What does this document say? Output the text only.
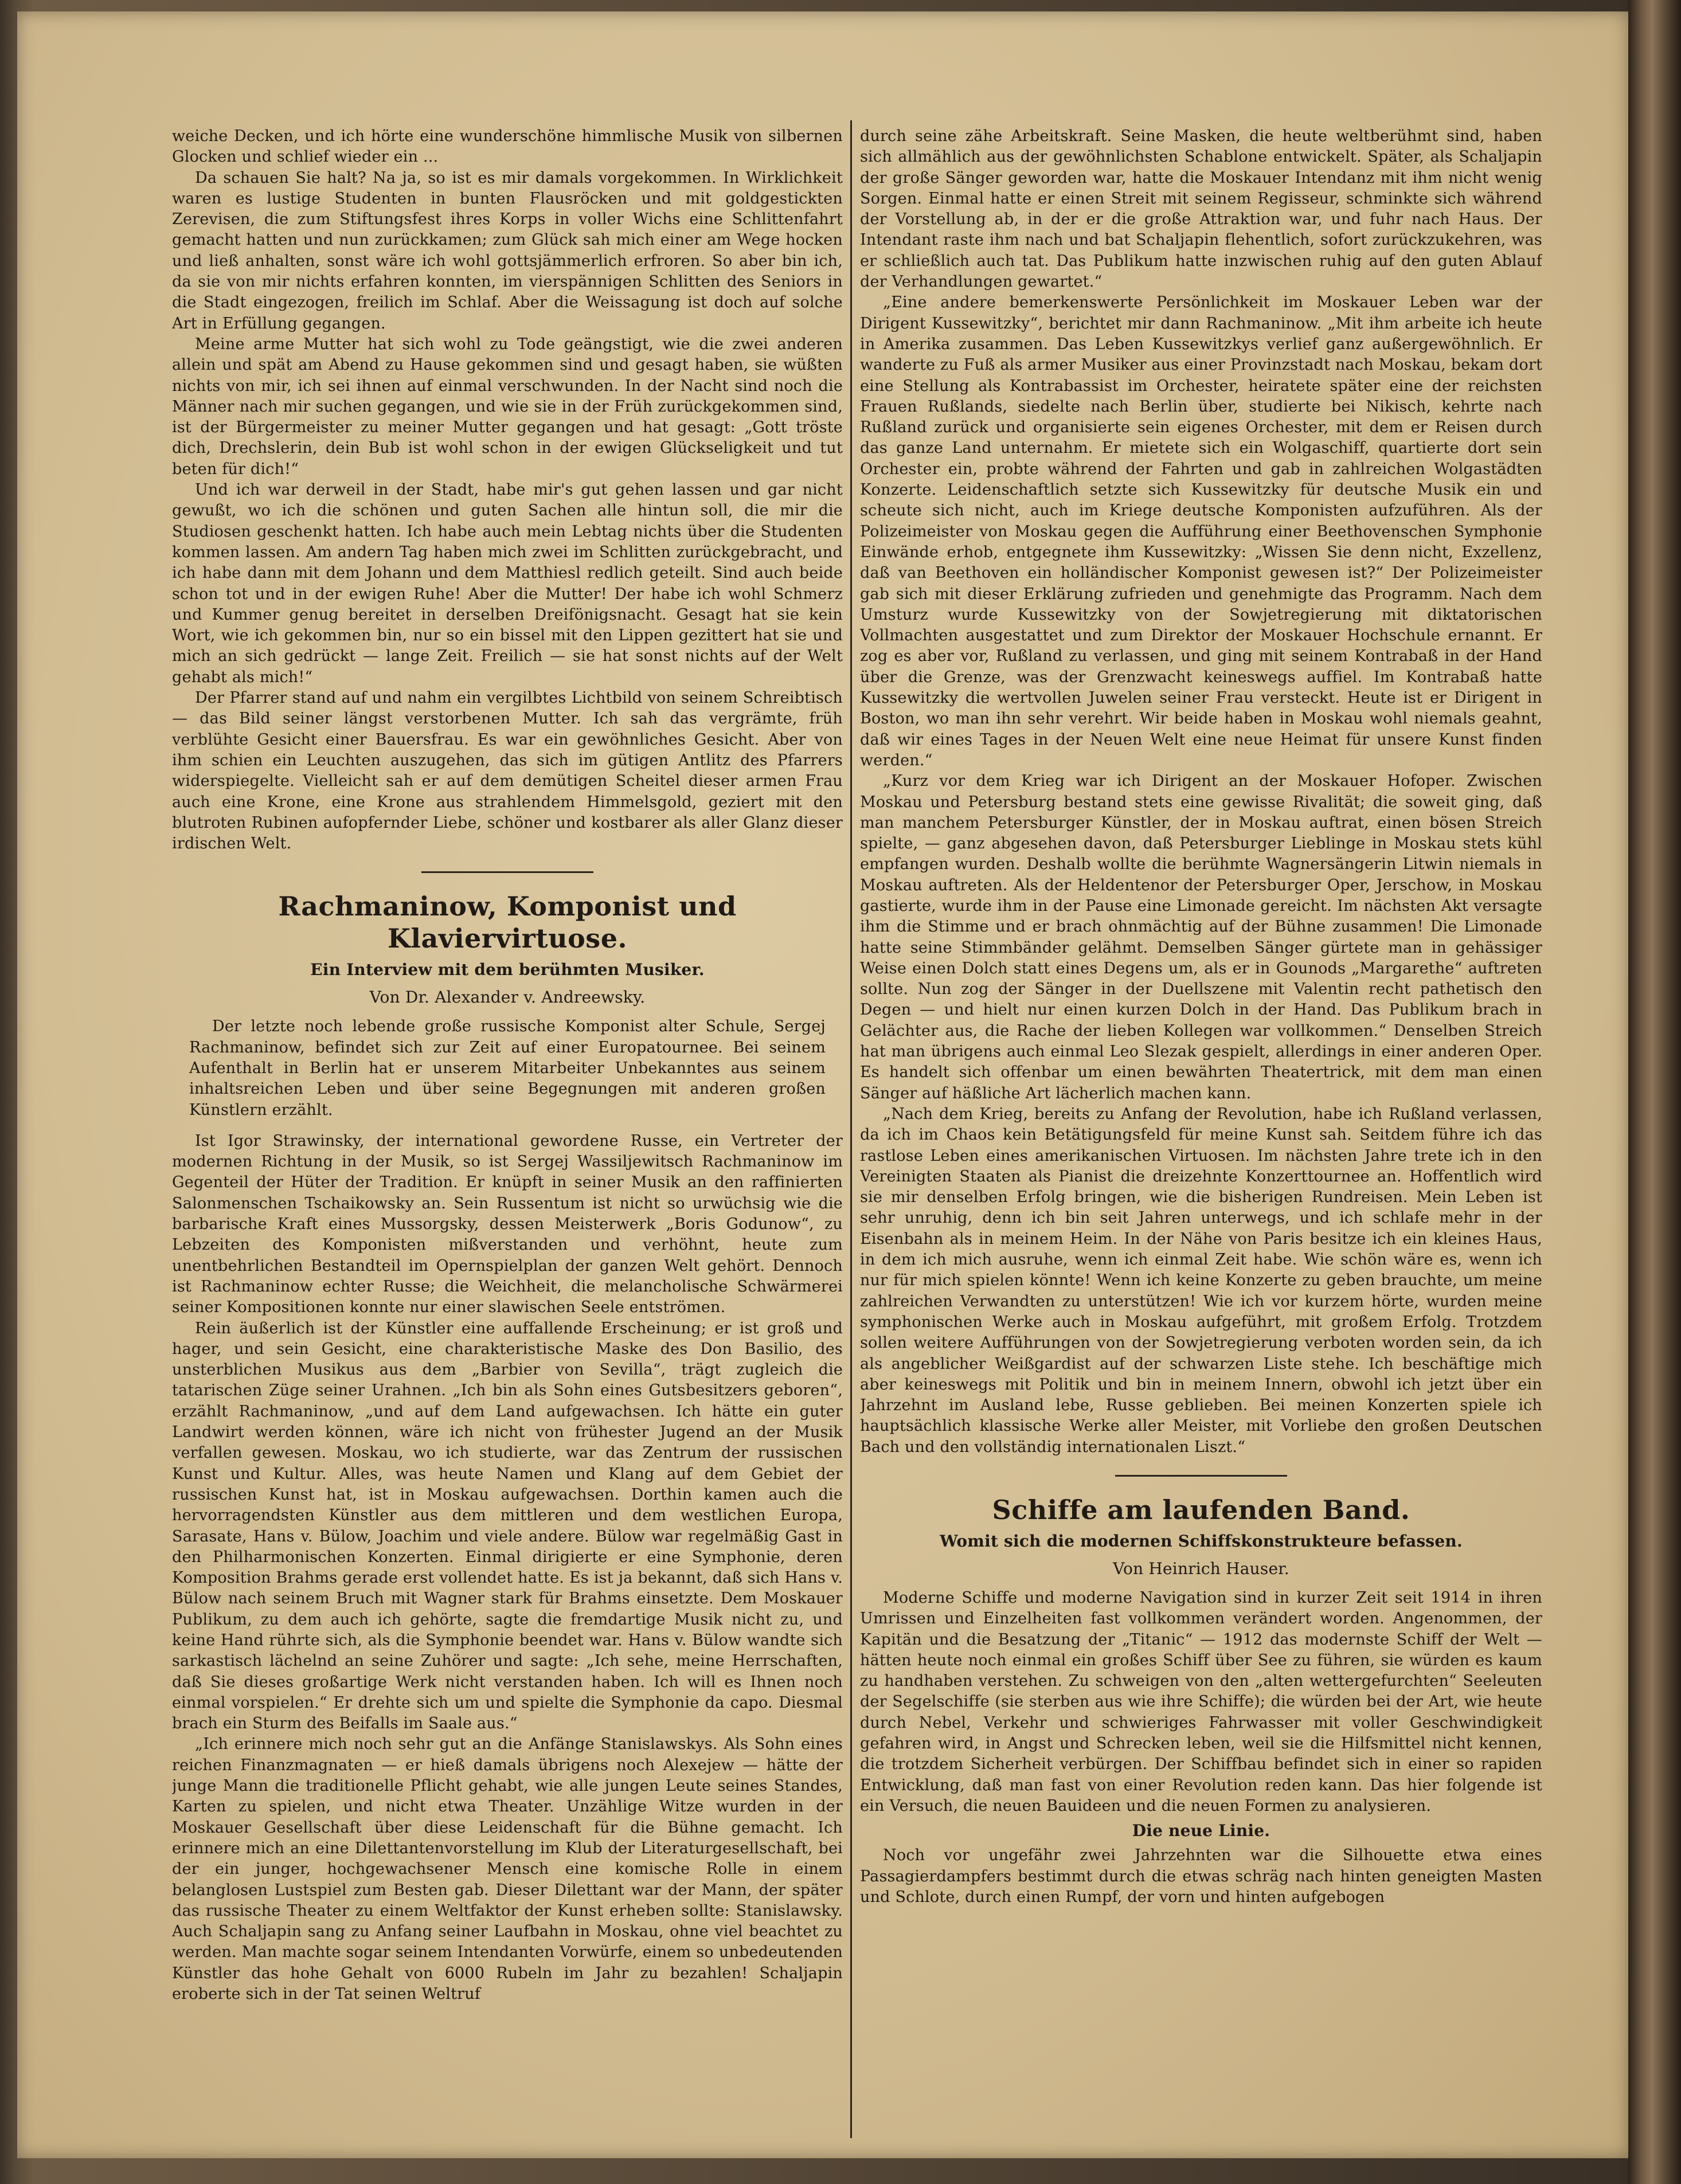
weiche Decken, und ich hörte eine wunderschöne himmlische Musik von silbernen Glocken und schlief wieder ein ...

Da schauen Sie halt? Na ja, so ist es mir damals vorgekommen. In Wirklichkeit waren es lustige Studenten in bunten Flausröcken und mit goldgestickten Zerevisen, die zum Stiftungsfest ihres Korps in voller Wichs eine Schlittenfahrt gemacht hatten und nun zurückkamen; zum Glück sah mich einer am Wege hocken und ließ anhalten, sonst wäre ich wohl gottsjämmerlich erfroren. So aber bin ich, da sie von mir nichts erfahren konnten, im vierspännigen Schlitten des Seniors in die Stadt eingezogen, freilich im Schlaf. Aber die Weissagung ist doch auf solche Art in Erfüllung gegangen.

Meine arme Mutter hat sich wohl zu Tode geängstigt, wie die zwei anderen allein und spät am Abend zu Hause gekommen sind und gesagt haben, sie wüßten nichts von mir, ich sei ihnen auf einmal verschwunden. In der Nacht sind noch die Männer nach mir suchen gegangen, und wie sie in der Früh zurückgekommen sind, ist der Bürgermeister zu meiner Mutter gegangen und hat gesagt: „Gott tröste dich, Drechslerin, dein Bub ist wohl schon in der ewigen Glückseligkeit und tut beten für dich!“

Und ich war derweil in der Stadt, habe mir's gut gehen lassen und gar nicht gewußt, wo ich die schönen und guten Sachen alle hintun soll, die mir die Studiosen geschenkt hatten. Ich habe auch mein Lebtag nichts über die Studenten kommen lassen. Am andern Tag haben mich zwei im Schlitten zurückgebracht, und ich habe dann mit dem Johann und dem Matthiesl redlich geteilt. Sind auch beide schon tot und in der ewigen Ruhe! Aber die Mutter! Der habe ich wohl Schmerz und Kummer genug bereitet in derselben Dreifönigsnacht. Gesagt hat sie kein Wort, wie ich gekommen bin, nur so ein bissel mit den Lippen gezittert hat sie und mich an sich gedrückt — lange Zeit. Freilich — sie hat sonst nichts auf der Welt gehabt als mich!“

Der Pfarrer stand auf und nahm ein vergilbtes Lichtbild von seinem Schreibtisch — das Bild seiner längst verstorbenen Mutter. Ich sah das vergrämte, früh verblühte Gesicht einer Bauersfrau. Es war ein gewöhnliches Gesicht. Aber von ihm schien ein Leuchten auszugehen, das sich im gütigen Antlitz des Pfarrers widerspiegelte. Vielleicht sah er auf dem demütigen Scheitel dieser armen Frau auch eine Krone, eine Krone aus strahlendem Himmelsgold, geziert mit den blutroten Rubinen aufopfernder Liebe, schöner und kostbarer als aller Glanz dieser irdischen Welt.

Rachmaninow, Komponist und Klaviervirtuose.
Ein Interview mit dem berühmten Musiker.
Von Dr. Alexander v. Andreewsky.

Der letzte noch lebende große russische Komponist alter Schule, Sergej Rachmaninow, befindet sich zur Zeit auf einer Europatournee. Bei seinem Aufenthalt in Berlin hat er unserem Mitarbeiter Unbekanntes aus seinem inhaltsreichen Leben und über seine Begegnungen mit anderen großen Künstlern erzählt.

Ist Igor Strawinsky, der international gewordene Russe, ein Vertreter der modernen Richtung in der Musik, so ist Sergej Wassiljewitsch Rachmaninow im Gegenteil der Hüter der Tradition. Er knüpft in seiner Musik an den raffinierten Salonmenschen Tschaikowsky an. Sein Russentum ist nicht so urwüchsig wie die barbarische Kraft eines Mussorgsky, dessen Meisterwerk „Boris Godunow“, zu Lebzeiten des Komponisten mißverstanden und verhöhnt, heute zum unentbehrlichen Bestandteil im Opernspielplan der ganzen Welt gehört. Dennoch ist Rachmaninow echter Russe; die Weichheit, die melancholische Schwärmerei seiner Kompositionen konnte nur einer slawischen Seele entströmen.

Rein äußerlich ist der Künstler eine auffallende Erscheinung; er ist groß und hager, und sein Gesicht, eine charakteristische Maske des Don Basilio, des unsterblichen Musikus aus dem „Barbier von Sevilla“, trägt zugleich die tatarischen Züge seiner Urahnen. „Ich bin als Sohn eines Gutsbesitzers geboren“, erzählt Rachmaninow, „und auf dem Land aufgewachsen. Ich hätte ein guter Landwirt werden können, wäre ich nicht von frühester Jugend an der Musik verfallen gewesen. Moskau, wo ich studierte, war das Zentrum der russischen Kunst und Kultur. Alles, was heute Namen und Klang auf dem Gebiet der russischen Kunst hat, ist in Moskau aufgewachsen. Dorthin kamen auch die hervorragendsten Künstler aus dem mittleren und dem westlichen Europa, Sarasate, Hans v. Bülow, Joachim und viele andere. Bülow war regelmäßig Gast in den Philharmonischen Konzerten. Einmal dirigierte er eine Symphonie, deren Komposition Brahms gerade erst vollendet hatte. Es ist ja bekannt, daß sich Hans v. Bülow nach seinem Bruch mit Wagner stark für Brahms einsetzte. Dem Moskauer Publikum, zu dem auch ich gehörte, sagte die fremdartige Musik nicht zu, und keine Hand rührte sich, als die Symphonie beendet war. Hans v. Bülow wandte sich sarkastisch lächelnd an seine Zuhörer und sagte: „Ich sehe, meine Herrschaften, daß Sie dieses großartige Werk nicht verstanden haben. Ich will es Ihnen noch einmal vorspielen.“ Er drehte sich um und spielte die Symphonie da capo. Diesmal brach ein Sturm des Beifalls im Saale aus.“

„Ich erinnere mich noch sehr gut an die Anfänge Stanislawskys. Als Sohn eines reichen Finanzmagnaten — er hieß damals übrigens noch Alexejew — hätte der junge Mann die traditionelle Pflicht gehabt, wie alle jungen Leute seines Standes, Karten zu spielen, und nicht etwa Theater. Unzählige Witze wurden in der Moskauer Gesellschaft über diese Leidenschaft für die Bühne gemacht. Ich erinnere mich an eine Dilettantenvorstellung im Klub der Literaturgesellschaft, bei der ein junger, hochgewachsener Mensch eine komische Rolle in einem belanglosen Lustspiel zum Besten gab. Dieser Dilettant war der Mann, der später das russische Theater zu einem Weltfaktor der Kunst erheben sollte: Stanislawsky. Auch Schaljapin sang zu Anfang seiner Laufbahn in Moskau, ohne viel beachtet zu werden. Man machte sogar seinem Intendanten Vorwürfe, einem so unbedeutenden Künstler das hohe Gehalt von 6000 Rubeln im Jahr zu bezahlen! Schaljapin eroberte sich in der Tat seinen Weltruf

durch seine zähe Arbeitskraft. Seine Masken, die heute weltberühmt sind, haben sich allmählich aus der gewöhnlichsten Schablone entwickelt. Später, als Schaljapin der große Sänger geworden war, hatte die Moskauer Intendanz mit ihm nicht wenig Sorgen. Einmal hatte er einen Streit mit seinem Regisseur, schminkte sich während der Vorstellung ab, in der er die große Attraktion war, und fuhr nach Haus. Der Intendant raste ihm nach und bat Schaljapin flehentlich, sofort zurückzukehren, was er schließlich auch tat. Das Publikum hatte inzwischen ruhig auf den guten Ablauf der Verhandlungen gewartet.“

„Eine andere bemerkenswerte Persönlichkeit im Moskauer Leben war der Dirigent Kussewitzky“, berichtet mir dann Rachmaninow. „Mit ihm arbeite ich heute in Amerika zusammen. Das Leben Kussewitzkys verlief ganz außergewöhnlich. Er wanderte zu Fuß als armer Musiker aus einer Provinzstadt nach Moskau, bekam dort eine Stellung als Kontrabassist im Orchester, heiratete später eine der reichsten Frauen Rußlands, siedelte nach Berlin über, studierte bei Nikisch, kehrte nach Rußland zurück und organisierte sein eigenes Orchester, mit dem er Reisen durch das ganze Land unternahm. Er mietete sich ein Wolgaschiff, quartierte dort sein Orchester ein, probte während der Fahrten und gab in zahlreichen Wolgastädten Konzerte. Leidenschaftlich setzte sich Kussewitzky für deutsche Musik ein und scheute sich nicht, auch im Kriege deutsche Komponisten aufzuführen. Als der Polizeimeister von Moskau gegen die Aufführung einer Beethovenschen Symphonie Einwände erhob, entgegnete ihm Kussewitzky: „Wissen Sie denn nicht, Exzellenz, daß van Beethoven ein holländischer Komponist gewesen ist?“ Der Polizeimeister gab sich mit dieser Erklärung zufrieden und genehmigte das Programm. Nach dem Umsturz wurde Kussewitzky von der Sowjetregierung mit diktatorischen Vollmachten ausgestattet und zum Direktor der Moskauer Hochschule ernannt. Er zog es aber vor, Rußland zu verlassen, und ging mit seinem Kontrabaß in der Hand über die Grenze, was der Grenzwacht keineswegs auffiel. Im Kontrabaß hatte Kussewitzky die wertvollen Juwelen seiner Frau versteckt. Heute ist er Dirigent in Boston, wo man ihn sehr verehrt. Wir beide haben in Moskau wohl niemals geahnt, daß wir eines Tages in der Neuen Welt eine neue Heimat für unsere Kunst finden werden.“

„Kurz vor dem Krieg war ich Dirigent an der Moskauer Hofoper. Zwischen Moskau und Petersburg bestand stets eine gewisse Rivalität; die soweit ging, daß man manchem Petersburger Künstler, der in Moskau auftrat, einen bösen Streich spielte, — ganz abgesehen davon, daß Petersburger Lieblinge in Moskau stets kühl empfangen wurden. Deshalb wollte die berühmte Wagnersängerin Litwin niemals in Moskau auftreten. Als der Heldentenor der Petersburger Oper, Jerschow, in Moskau gastierte, wurde ihm in der Pause eine Limonade gereicht. Im nächsten Akt versagte ihm die Stimme und er brach ohnmächtig auf der Bühne zusammen! Die Limonade hatte seine Stimmbänder gelähmt. Demselben Sänger gürtete man in gehässiger Weise einen Dolch statt eines Degens um, als er in Gounods „Margarethe“ auftreten sollte. Nun zog der Sänger in der Duellszene mit Valentin recht pathetisch den Degen — und hielt nur einen kurzen Dolch in der Hand. Das Publikum brach in Gelächter aus, die Rache der lieben Kollegen war vollkommen.“ Denselben Streich hat man übrigens auch einmal Leo Slezak gespielt, allerdings in einer anderen Oper. Es handelt sich offenbar um einen bewährten Theatertrick, mit dem man einen Sänger auf häßliche Art lächerlich machen kann.

„Nach dem Krieg, bereits zu Anfang der Revolution, habe ich Rußland verlassen, da ich im Chaos kein Betätigungsfeld für meine Kunst sah. Seitdem führe ich das rastlose Leben eines amerikanischen Virtuosen. Im nächsten Jahre trete ich in den Vereinigten Staaten als Pianist die dreizehnte Konzerttournee an. Hoffentlich wird sie mir denselben Erfolg bringen, wie die bisherigen Rundreisen. Mein Leben ist sehr unruhig, denn ich bin seit Jahren unterwegs, und ich schlafe mehr in der Eisenbahn als in meinem Heim. In der Nähe von Paris besitze ich ein kleines Haus, in dem ich mich ausruhe, wenn ich einmal Zeit habe. Wie schön wäre es, wenn ich nur für mich spielen könnte! Wenn ich keine Konzerte zu geben brauchte, um meine zahlreichen Verwandten zu unterstützen! Wie ich vor kurzem hörte, wurden meine symphonischen Werke auch in Moskau aufgeführt, mit großem Erfolg. Trotzdem sollen weitere Aufführungen von der Sowjetregierung verboten worden sein, da ich als angeblicher Weißgardist auf der schwarzen Liste stehe. Ich beschäftige mich aber keineswegs mit Politik und bin in meinem Innern, obwohl ich jetzt über ein Jahrzehnt im Ausland lebe, Russe geblieben. Bei meinen Konzerten spiele ich hauptsächlich klassische Werke aller Meister, mit Vorliebe den großen Deutschen Bach und den vollständig internationalen Liszt.“

Schiffe am laufenden Band.
Womit sich die modernen Schiffskonstrukteure befassen.
Von Heinrich Hauser.

Moderne Schiffe und moderne Navigation sind in kurzer Zeit seit 1914 in ihren Umrissen und Einzelheiten fast vollkommen verändert worden. Angenommen, der Kapitän und die Besatzung der „Titanic“ — 1912 das modernste Schiff der Welt — hätten heute noch einmal ein großes Schiff über See zu führen, sie würden es kaum zu handhaben verstehen. Zu schweigen von den „alten wettergefurchten“ Seeleuten der Segelschiffe (sie sterben aus wie ihre Schiffe); die würden bei der Art, wie heute durch Nebel, Verkehr und schwieriges Fahrwasser mit voller Geschwindigkeit gefahren wird, in Angst und Schrecken leben, weil sie die Hilfsmittel nicht kennen, die trotzdem Sicherheit verbürgen. Der Schiffbau befindet sich in einer so rapiden Entwicklung, daß man fast von einer Revolution reden kann. Das hier folgende ist ein Versuch, die neuen Bauideen und die neuen Formen zu analysieren.

Die neue Linie.

Noch vor ungefähr zwei Jahrzehnten war die Silhouette etwa eines Passagierdampfers bestimmt durch die etwas schräg nach hinten geneigten Masten und Schlote, durch einen Rumpf, der vorn und hinten aufgebogen
